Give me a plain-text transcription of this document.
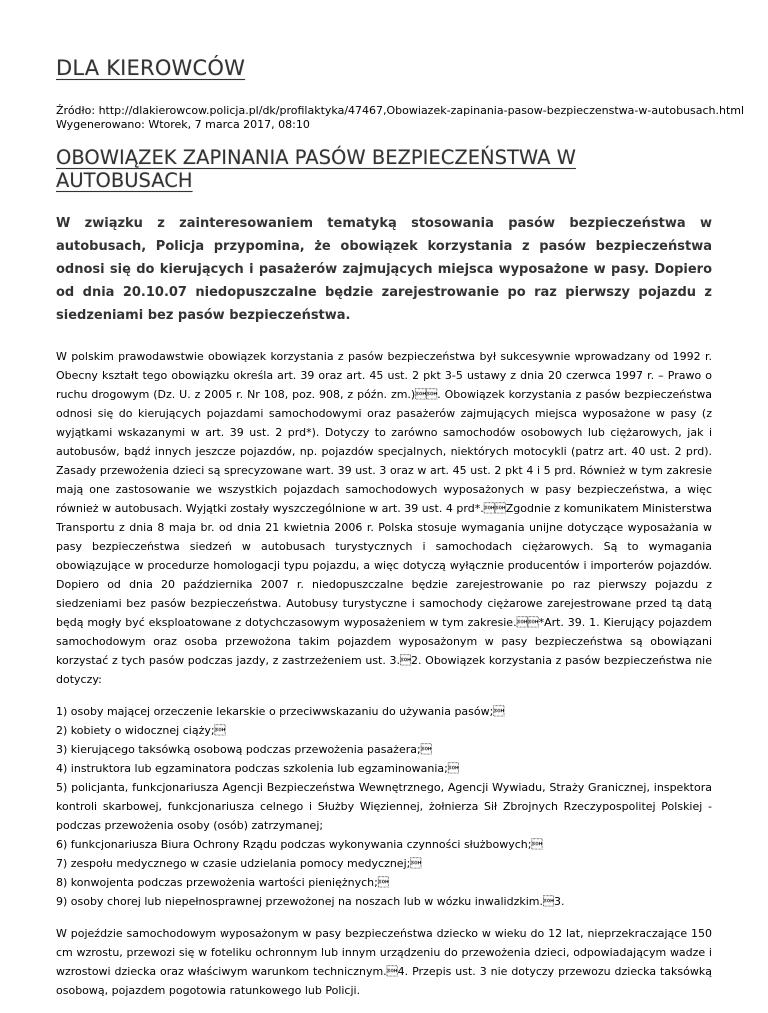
DLA KIEROWCÓW
Źródło: http://dlakierowcow.policja.pl/dk/profilaktyka/47467,Obowiazek-zapinania-pasow-bezpieczenstwa-w-autobusach.html
Wygenerowano: Wtorek, 7 marca 2017, 08:10
OBOWIĄZEK ZAPINANIA PASÓW BEZPIECZEŃSTWA W AUTOBUSACH

W związku z zainteresowaniem tematyką stosowania pasów bezpieczeństwa w autobusach, Policja przypomina, że obowiązek korzystania z pasów bezpieczeństwa odnosi się do kierujących i pasażerów zajmujących miejsca wyposażone w pasy. Dopiero od dnia 20.10.07 niedopuszczalne będzie zarejestrowanie po raz pierwszy pojazdu z siedzeniami bez pasów bezpieczeństwa.

W polskim prawodawstwie obowiązek korzystania z pasów bezpieczeństwa był sukcesywnie wprowadzany od 1992 r. Obecny kształt tego obowiązku określa art. 39 oraz art. 45 ust. 2 pkt 3-5 ustawy z dnia 20 czerwca 1997 r. – Prawo o ruchu drogowym (Dz. U. z 2005 r. Nr 108, poz. 908, z późn. zm.). Obowiązek korzystania z pasów bezpieczeństwa odnosi się do kierujących pojazdami samochodowymi oraz pasażerów zajmujących miejsca wyposażone w pasy (z wyjątkami wskazanymi w art. 39 ust. 2 prd*). Dotyczy to zarówno samochodów osobowych lub ciężarowych, jak i autobusów, bądź innych jeszcze pojazdów, np. pojazdów specjalnych, niektórych motocykli (patrz art. 40 ust. 2 prd). Zasady przewożenia dzieci są sprecyzowane wart. 39 ust. 3 oraz w art. 45 ust. 2 pkt 4 i 5 prd. Również w tym zakresie mają one zastosowanie we wszystkich pojazdach samochodowych wyposażonych w pasy bezpieczeństwa, a więc również w autobusach. Wyjątki zostały wyszczególnione w art. 39 ust. 4 prd*.Zgodnie z komunikatem Ministerstwa Transportu z dnia 8 maja br. od dnia 21 kwietnia 2006 r. Polska stosuje wymagania unijne dotyczące wyposażania w pasy bezpieczeństwa siedzeń w autobusach turystycznych i samochodach ciężarowych. Są to wymagania obowiązujące w procedurze homologacji typu pojazdu, a więc dotyczą wyłącznie producentów i importerów pojazdów. Dopiero od dnia 20 października 2007 r. niedopuszczalne będzie zarejestrowanie po raz pierwszy pojazdu z siedzeniami bez pasów bezpieczeństwa. Autobusy turystyczne i samochody ciężarowe zarejestrowane przed tą datą będą mogły być eksploatowane z dotychczasowym wyposażeniem w tym zakresie.*Art. 39. 1. Kierujący pojazdem samochodowym oraz osoba przewożona takim pojazdem wyposażonym w pasy bezpieczeństwa są obowiązani korzystać z tych pasów podczas jazdy, z zastrzeżeniem ust. 3.2. Obowiązek korzystania z pasów bezpieczeństwa nie dotyczy:

1) osoby mającej orzeczenie lekarskie o przeciwwskazaniu do używania pasów;
2) kobiety o widocznej ciąży;
3) kierującego taksówką osobową podczas przewożenia pasażera;
4) instruktora lub egzaminatora podczas szkolenia lub egzaminowania;
5) policjanta, funkcjonariusza Agencji Bezpieczeństwa Wewnętrznego, Agencji Wywiadu, Straży Granicznej, inspektora kontroli skarbowej, funkcjonariusza celnego i Służby Więziennej, żołnierza Sił Zbrojnych Rzeczypospolitej Polskiej - podczas przewożenia osoby (osób) zatrzymanej;
6) funkcjonariusza Biura Ochrony Rządu podczas wykonywania czynności służbowych;
7) zespołu medycznego w czasie udzielania pomocy medycznej;
8) konwojenta podczas przewożenia wartości pieniężnych;
9) osoby chorej lub niepełnosprawnej przewożonej na noszach lub w wózku inwalidzkim.3.

W pojeździe samochodowym wyposażonym w pasy bezpieczeństwa dziecko w wieku do 12 lat, nieprzekraczające 150 cm wzrostu, przewozi się w foteliku ochronnym lub innym urządzeniu do przewożenia dzieci, odpowiadającym wadze i wzrostowi dziecka oraz właściwym warunkom technicznym.4. Przepis ust. 3 nie dotyczy przewozu dziecka taksówką osobową, pojazdem pogotowia ratunkowego lub Policji.
